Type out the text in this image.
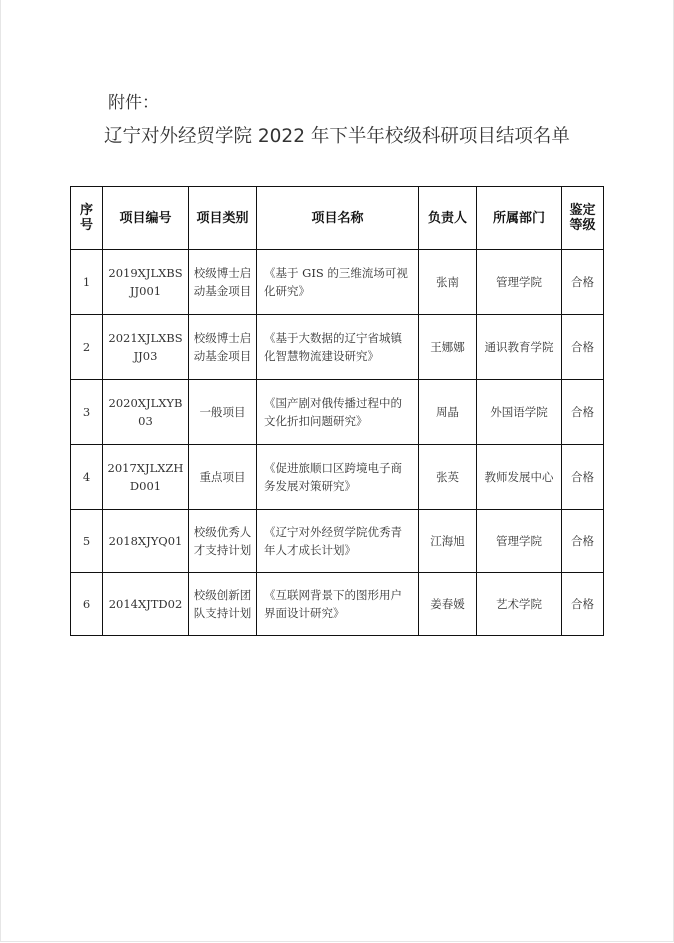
附件：
辽宁对外经贸学院 2022 年下半年校级科研项目结项名单
序号	项目编号	项目类别	项目名称	负责人	所属部门	鉴定等级
1	2019XJLXBSJJ001	校级博士启动基金项目	《基于 GIS 的三维流场可视化研究》	张南	管理学院	合格
2	2021XJLXBSJJ03	校级博士启动基金项目	《基于大数据的辽宁省城镇化智慧物流建设研究》	王娜娜	通识教育学院	合格
3	2020XJLXYB03	一般项目	《国产剧对俄传播过程中的文化折扣问题研究》	周晶	外国语学院	合格
4	2017XJLXZHD001	重点项目	《促进旅顺口区跨境电子商务发展对策研究》	张英	教师发展中心	合格
5	2018XJYQ01	校级优秀人才支持计划	《辽宁对外经贸学院优秀青年人才成长计划》	江海旭	管理学院	合格
6	2014XJTD02	校级创新团队支持计划	《互联网背景下的图形用户界面设计研究》	姜春媛	艺术学院	合格
